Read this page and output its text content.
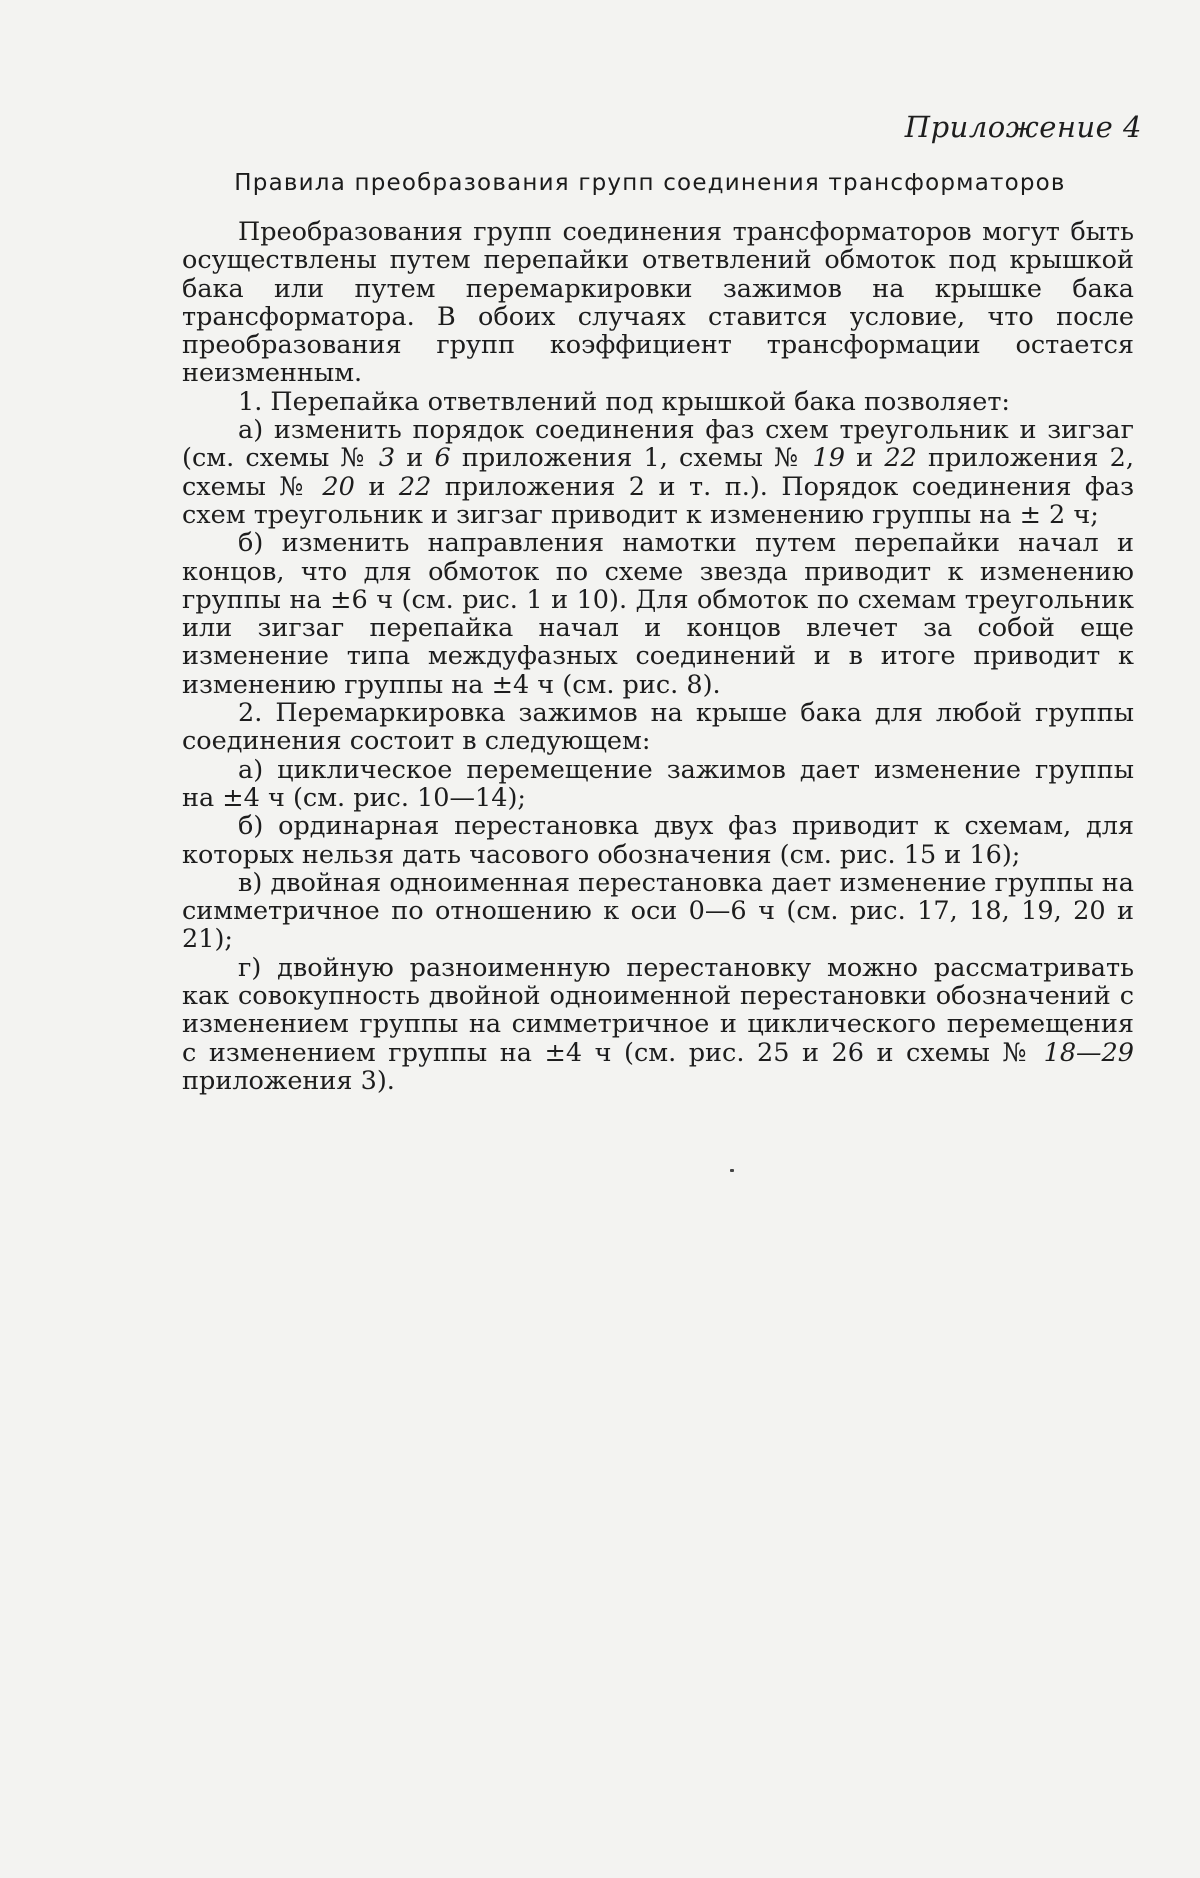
Приложение 4
Правила преобразования групп соединения трансформаторов

Преобразования групп соединения трансформаторов могут быть осуществлены путем перепайки ответвлений обмоток под крышкой бака или путем перемаркировки зажимов на крышке бака трансформатора. В обоих случаях ставится условие, что после преобразования групп коэффициент трансформации остается неизменным.

1. Перепайка ответвлений под крышкой бака позволяет:

а) изменить порядок соединения фаз схем треугольник и зигзаг (см. схемы № 3 и 6 приложения 1, схемы № 19 и 22 приложения 2, схемы № 20 и 22 приложения 2 и т. п.). Порядок соединения фаз схем треугольник и зигзаг приводит к изменению группы на ± 2 ч;

б) изменить направления намотки путем перепайки начал и концов, что для обмоток по схеме звезда приводит к изменению группы на ±6 ч (см. рис. 1 и 10). Для обмоток по схемам треугольник или зигзаг перепайка начал и концов влечет за собой еще изменение типа междуфазных соединений и в итоге приводит к изменению группы на ±4 ч (см. рис. 8).

2. Перемаркировка зажимов на крыше бака для любой группы соединения состоит в следующем:

а) циклическое перемещение зажимов дает изменение группы на ±4 ч (см. рис. 10—14);

б) ординарная перестановка двух фаз приводит к схемам, для которых нельзя дать часового обозначения (см. рис. 15 и 16);

в) двойная одноименная перестановка дает изменение группы на симметричное по отношению к оси 0—6 ч (см. рис. 17, 18, 19, 20 и 21);

г) двойную разноименную перестановку можно рассматривать как совокупность двойной одноименной перестановки обозначений с изменением группы на симметричное и циклического перемещения с изменением группы на ±4 ч (см. рис. 25 и 26 и схемы № 18—29 приложения 3).
